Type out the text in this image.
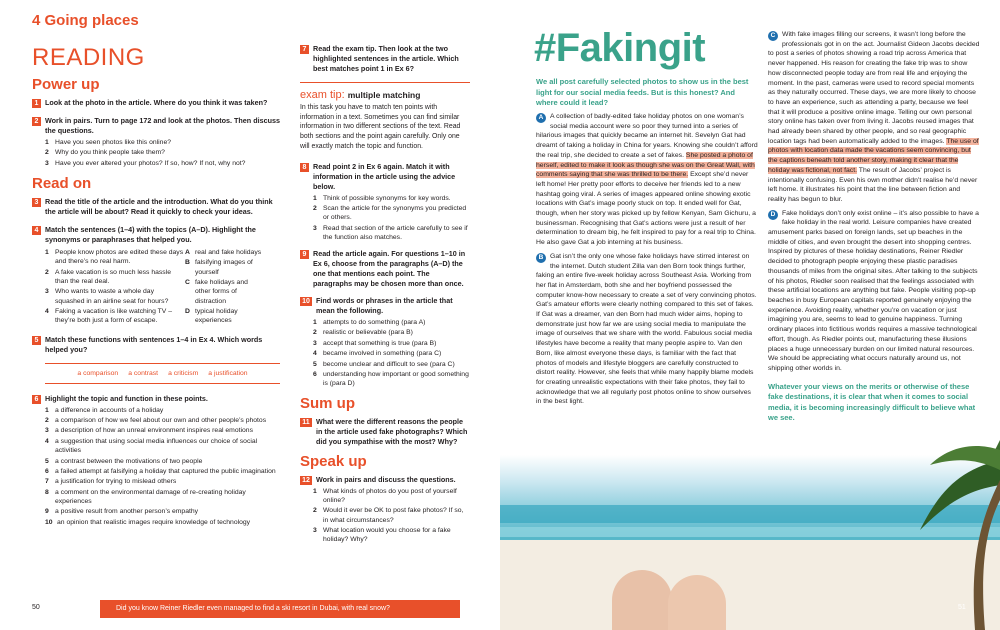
4 Going places
READING
Power up
1 Look at the photo in the article. Where do you think it was taken?
2 Work in pairs. Turn to page 172 and look at the photos. Then discuss the questions.
1 Have you seen photos like this online?
2 Why do you think people take them?
3 Have you ever altered your photos? If so, how? If not, why not?
Read on
3 Read the title of the article and the introduction. What do you think the article will be about? Read it quickly to check your ideas.
4 Match the sentences (1–4) with the topics (A–D). Highlight the synonyms or paraphrases that helped you.
1 People know photos are edited these days and there’s no real harm.
2 A fake vacation is so much less hassle than the real deal.
3 Who wants to waste a whole day squashed in an airline seat for hours?
4 Faking a vacation is like watching TV – they’re both just a form of escape.
A real and fake holidays
B falsifying images of yourself
C fake holidays and other forms of distraction
D typical holiday experiences
5 Match these functions with sentences 1–4 in Ex 4. Which words helped you?
a comparison a contrast a criticism a justification
6 Highlight the topic and function in these points.
1 a difference in accounts of a holiday
2 a comparison of how we feel about our own and other people’s photos
3 a description of how an unreal environment inspires real emotions
4 a suggestion that using social media influences our choice of social activities
5 a contrast between the motivations of two people
6 a failed attempt at falsifying a holiday that captured the public imagination
7 a justification for trying to mislead others
8 a comment on the environmental damage of re-creating holiday experiences
9 a positive result from another person’s empathy
10 an opinion that realistic images require knowledge of technology
7 Read the exam tip. Then look at the two highlighted sentences in the article. Which best matches point 1 in Ex 6?
exam tip: multiple matching
In this task you have to match ten points with information in a text. Sometimes you can find similar information in two different sections of the text. Read both sections and the point again carefully. Only one will exactly match the topic and function.
8 Read point 2 in Ex 6 again. Match it with information in the article using the advice below.
1 Think of possible synonyms for key words.
2 Scan the article for the synonyms you predicted or others.
3 Read that section of the article carefully to see if the function also matches.
9 Read the article again. For questions 1–10 in Ex 6, choose from the paragraphs (A–D) the one that mentions each point. The paragraphs may be chosen more than once.
10 Find words or phrases in the article that mean the following.
1 attempts to do something (para A)
2 realistic or believable (para B)
3 accept that something is true (para B)
4 became involved in something (para C)
5 become unclear and difficult to see (para C)
6 understanding how important or good something is (para D)
Sum up
11 What were the different reasons the people in the article used fake photographs? Which did you sympathise with the most? Why?
Speak up
12 Work in pairs and discuss the questions.
1 What kinds of photos do you post of yourself online?
2 Would it ever be OK to post fake photos? If so, in what circumstances?
3 What location would you choose for a fake holiday? Why?
50	Did you know Reiner Riedler even managed to find a ski resort in Dubai, with real snow?
#Fakingit
We all post carefully selected photos to show us in the best light for our social media feeds. But is this honest? And where could it lead?
A A collection of badly-edited fake holiday photos on one woman’s social media account were so poor they turned into a series of hilarious images that quickly became an internet hit. Sevelyn Gat had dreamt of taking a holiday in China for years. Knowing she couldn’t afford the real trip, she decided to create a set of fakes. She posted a photo of herself, edited to make it look as though she was on the Great Wall, with comments saying that she was thrilled to be there. Except she’d never left home! Her pretty poor efforts to deceive her friends led to a new hashtag going viral. A series of images appeared online showing exotic locations with Gat’s image poorly stuck on top. It ended well for Gat, though, when her story was picked up by fellow Kenyan, Sam Gichuru, a businessman. Recognising that Gat’s actions were just a result of her determination to dream big, he felt inspired to pay for a real trip to China. He also gave Gat a job interning at his business.
B Gat isn’t the only one whose fake holidays have stirred interest on the internet. Dutch student Zilla van den Born took things further, faking an entire five-week holiday across Southeast Asia. Working from her flat in Amsterdam, both she and her boyfriend possessed the computer know-how necessary to create a set of very convincing photos. Gat’s amateur efforts were clearly nothing compared to this set of fakes. If Gat was a dreamer, van den Born had much wider aims, hoping to demonstrate just how far we are using social media to manipulate the image of ourselves that we share with the world. Fabulous social media lifestyles have become a reality that many people aspire to. Van den Born, like almost everyone these days, is familiar with the fact that photos of models and lifestyle bloggers are carefully constructed to distort reality. However, she feels that while many happily blame models for creating unrealistic expectations with their fake photos, they fail to acknowledge that we all regularly post photos online to show ourselves in the best light.
C With fake images filling our screens, it wasn’t long before the professionals got in on the act. Journalist Gideon Jacobs decided to post a series of photos showing a road trip across America that never happened. His reason for creating the fake trip was to show how disconnected people today are from real life and enjoying the moment. In the past, cameras were used to record special moments as they naturally occurred. These days, we are more likely to choose to have an experience, such as attending a party, because we feel that it will produce a positive online image. Telling our own personal story online has taken over from living it. Jacobs reused images that had already been shared by other people, and so real geographic location tags had been automatically added to the images. The use of photos with location data made the vacations seem convincing, but the captions beneath told another story, making it clear that the holiday was fictional, not fact. The result of Jacobs’ project is intentionally confusing. Even his own mother didn’t realise he’d never left home. It illustrates his point that the line between fiction and reality has begun to blur.
D Fake holidays don’t only exist online – it’s also possible to have a fake holiday in the real world. Leisure companies have created amusement parks based on foreign lands, set up beaches in the middle of cities, and even brought the desert into shopping centres. Inspired by pictures of these holiday destinations, Reiner Riedler decided to photograph people enjoying these plastic paradises thousands of miles from the original sites. After talking to the subjects of his photos, Riedler soon realised that the feelings associated with these artificial locations are anything but fake. People visiting pop-up beaches in busy European capitals reported genuinely enjoying the experience. Avoiding reality, whether you’re on vacation or just imagining you are, seems to lead to genuine happiness. Turning ordinary places into fictitious worlds requires a massive technological effort, though. As Riedler points out, manufacturing these illusions places a huge unnecessary burden on our limited natural resources. We should be appreciating what occurs naturally around us, not shipping other worlds in.
Whatever your views on the merits or otherwise of these fake destinations, it is clear that when it comes to social media, it is becoming increasingly difficult to believe what we see.
51
